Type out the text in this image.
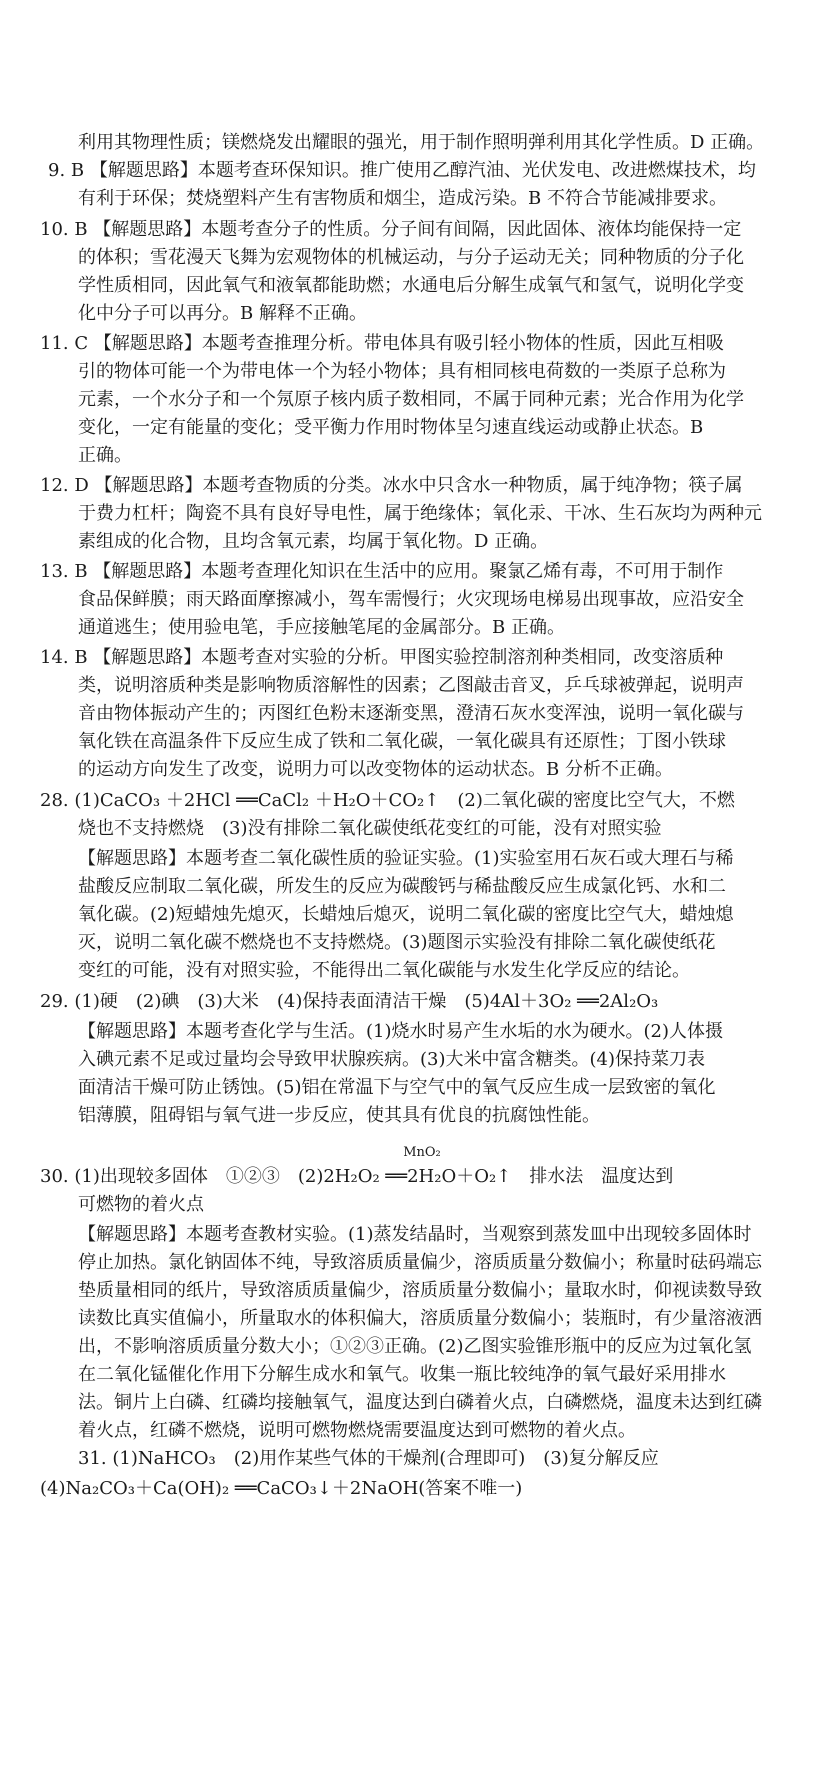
利用其物理性质；镁燃烧发出耀眼的强光，用于制作照明弹利用其化学性质。D 正确。
9. B 【解题思路】本题考查环保知识。推广使用乙醇汽油、光伏发电、改进燃煤技术，均
有利于环保；焚烧塑料产生有害物质和烟尘，造成污染。B 不符合节能减排要求。
10. B 【解题思路】本题考查分子的性质。分子间有间隔，因此固体、液体均能保持一定
的体积；雪花漫天飞舞为宏观物体的机械运动，与分子运动无关；同种物质的分子化
学性质相同，因此氧气和液氧都能助燃；水通电后分解生成氧气和氢气，说明化学变
化中分子可以再分。B 解释不正确。
11. C 【解题思路】本题考查推理分析。带电体具有吸引轻小物体的性质，因此互相吸
引的物体可能一个为带电体一个为轻小物体；具有相同核电荷数的一类原子总称为
元素，一个水分子和一个氖原子核内质子数相同，不属于同种元素；光合作用为化学
变化，一定有能量的变化；受平衡力作用时物体呈匀速直线运动或静止状态。B
正确。
12. D 【解题思路】本题考查物质的分类。冰水中只含水一种物质，属于纯净物；筷子属
于费力杠杆；陶瓷不具有良好导电性，属于绝缘体；氧化汞、干冰、生石灰均为两种元
素组成的化合物，且均含氧元素，均属于氧化物。D 正确。
13. B 【解题思路】本题考查理化知识在生活中的应用。聚氯乙烯有毒，不可用于制作
食品保鲜膜；雨天路面摩擦减小，驾车需慢行；火灾现场电梯易出现事故，应沿安全
通道逃生；使用验电笔，手应接触笔尾的金属部分。B 正确。
14. B 【解题思路】本题考查对实验的分析。甲图实验控制溶剂种类相同，改变溶质种
类，说明溶质种类是影响物质溶解性的因素；乙图敲击音叉，乒乓球被弹起，说明声
音由物体振动产生的；丙图红色粉末逐渐变黑，澄清石灰水变浑浊，说明一氧化碳与
氧化铁在高温条件下反应生成了铁和二氧化碳，一氧化碳具有还原性；丁图小铁球
的运动方向发生了改变，说明力可以改变物体的运动状态。B 分析不正确。
28. (1)CaCO₃ ＋2HCl ══CaCl₂ ＋H₂O＋CO₂↑　(2)二氧化碳的密度比空气大，不燃
烧也不支持燃烧　(3)没有排除二氧化碳使纸花变红的可能，没有对照实验
【解题思路】本题考查二氧化碳性质的验证实验。(1)实验室用石灰石或大理石与稀
盐酸反应制取二氧化碳，所发生的反应为碳酸钙与稀盐酸反应生成氯化钙、水和二
氧化碳。(2)短蜡烛先熄灭，长蜡烛后熄灭，说明二氧化碳的密度比空气大，蜡烛熄
灭，说明二氧化碳不燃烧也不支持燃烧。(3)题图示实验没有排除二氧化碳使纸花
变红的可能，没有对照实验，不能得出二氧化碳能与水发生化学反应的结论。
29. (1)硬　(2)碘　(3)大米　(4)保持表面清洁干燥　(5)4Al＋3O₂ ══2Al₂O₃
【解题思路】本题考查化学与生活。(1)烧水时易产生水垢的水为硬水。(2)人体摄
入碘元素不足或过量均会导致甲状腺疾病。(3)大米中富含糖类。(4)保持菜刀表
面清洁干燥可防止锈蚀。(5)铝在常温下与空气中的氧气反应生成一层致密的氧化
铝薄膜，阻碍铝与氧气进一步反应，使其具有优良的抗腐蚀性能。
MnO₂
30. (1)出现较多固体　①②③　(2)2H₂O₂ ══2H₂O＋O₂↑　排水法　温度达到
可燃物的着火点
【解题思路】本题考查教材实验。(1)蒸发结晶时，当观察到蒸发皿中出现较多固体时
停止加热。氯化钠固体不纯，导致溶质质量偏少，溶质质量分数偏小；称量时砝码端忘
垫质量相同的纸片，导致溶质质量偏少，溶质质量分数偏小；量取水时，仰视读数导致
读数比真实值偏小，所量取水的体积偏大，溶质质量分数偏小；装瓶时，有少量溶液洒
出，不影响溶质质量分数大小；①②③正确。(2)乙图实验锥形瓶中的反应为过氧化氢
在二氧化锰催化作用下分解生成水和氧气。收集一瓶比较纯净的氧气最好采用排水
法。铜片上白磷、红磷均接触氧气，温度达到白磷着火点，白磷燃烧，温度未达到红磷
着火点，红磷不燃烧，说明可燃物燃烧需要温度达到可燃物的着火点。
31. (1)NaHCO₃　(2)用作某些气体的干燥剂(合理即可)　(3)复分解反应
(4)Na₂CO₃＋Ca(OH)₂ ══CaCO₃↓＋2NaOH(答案不唯一)
